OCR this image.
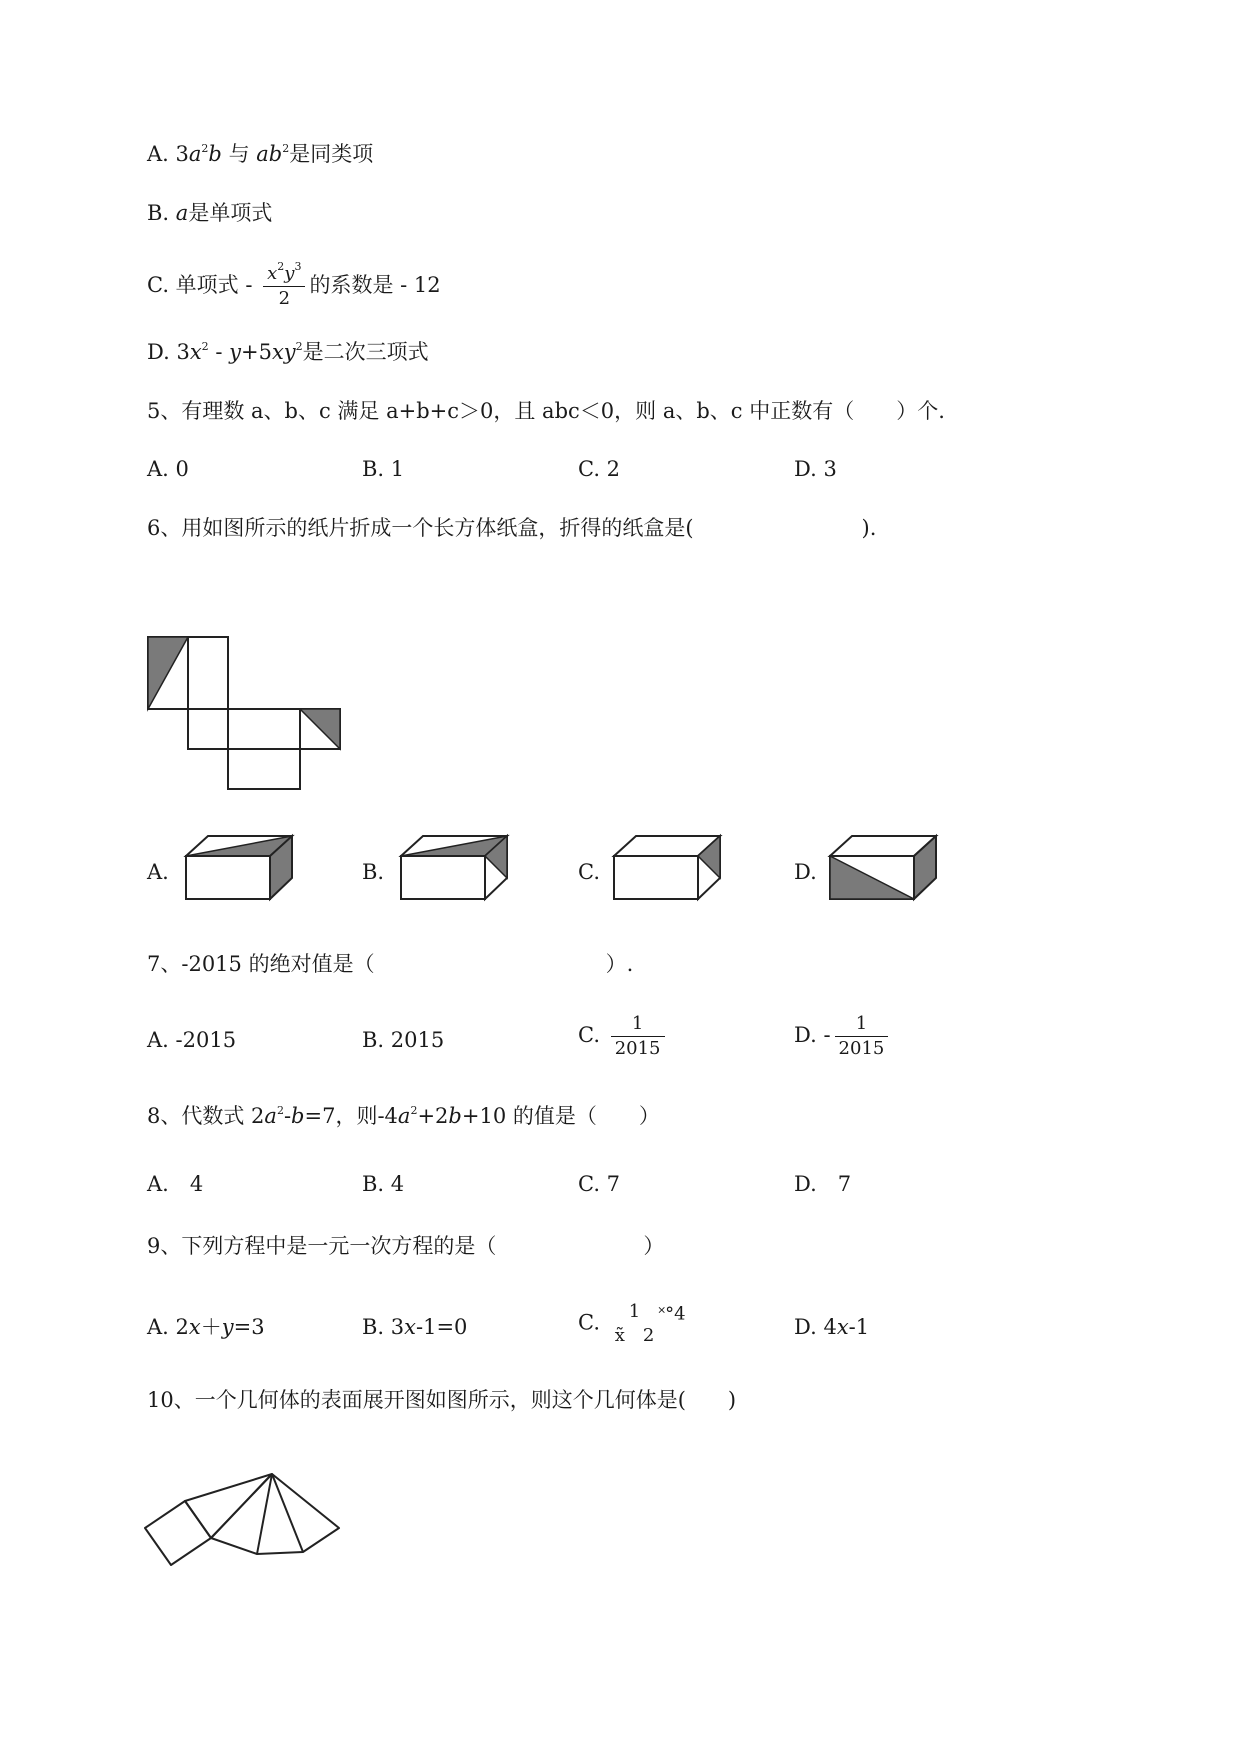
A. $3a^2b$ 与 $ab^2$是同类项
B. a是单项式
C. 单项式 - $\frac{x^2y^3}{2}$ 的系数是 - 12
D. $3x^2 - y+5xy^2$是二次三项式
5、有理数 a、b、c 满足 a+b+c＞0，且 abc＜0，则 a、b、c 中正数有（　　）个.
A. 0	B. 1	C. 2	D. 3
6、用如图所示的纸片折成一个长方体纸盒，折得的纸盒是(　　　　　　　　).
A.	B.	C.	D.
7、-2015 的绝对值是（　　　　　　　　　　　）.
A. -2015	B. 2015	C. $\frac{1}{2015}$	D. - $\frac{1}{2015}$
8、代数式 $2a^2-b=7$，则$-4a^2+2b+10$ 的值是（　　）
A.　4	B. 4	C. 7	D.　7
9、下列方程中是一元一次方程的是（　　　　　　　）
A. 2x＋y=3	B. 3x-1=0	C.	1
x̃　2
˟°4
D. 4x-1
10、一个几何体的表面展开图如图所示，则这个几何体是(　　)
